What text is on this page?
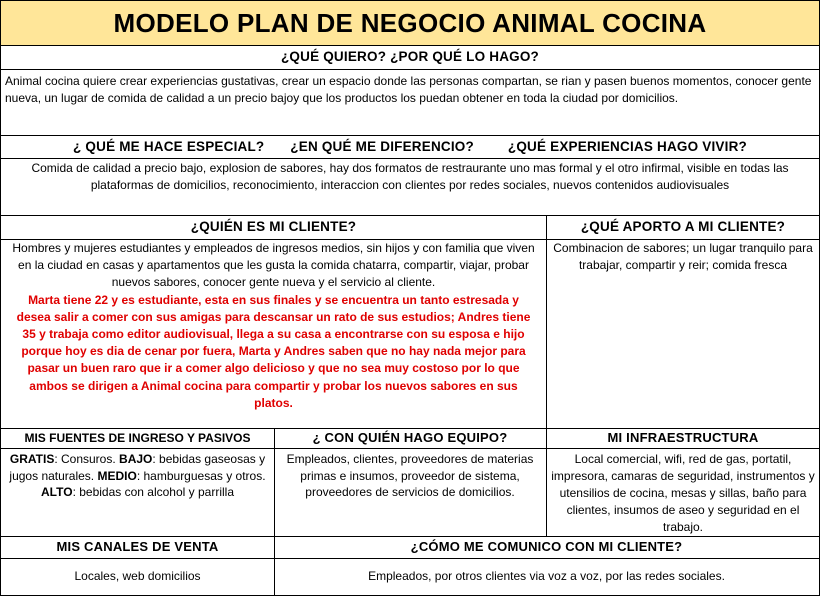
MODELO PLAN DE NEGOCIO ANIMAL COCINA
¿QUÉ QUIERO? ¿POR QUÉ LO HAGO?
Animal cocina quiere crear experiencias gustativas, crear un espacio donde las personas compartan, se rian y pasen buenos momentos, conocer gente nueva, un lugar de comida de calidad a un precio bajoy que los productos los puedan obtener en toda la ciudad por domicilios.
¿ QUÉ ME HACE ESPECIAL? ¿EN QUÉ ME DIFERENCIO?	¿QUÉ EXPERIENCIAS HAGO VIVIR?
Comida de calidad a precio bajo, explosion de sabores, hay dos formatos de restraurante uno mas formal y el otro infirmal, visible en todas las plataformas de domicilios, reconocimiento, interaccion con clientes por redes sociales, nuevos contenidos audiovisuales
¿QUIÉN ES MI CLIENTE?
Hombres y mujeres estudiantes y empleados de ingresos medios, sin hijos y con familia que viven en la ciudad en casas y apartamentos que les gusta la comida chatarra, compartir, viajar, probar nuevos sabores, conocer gente nueva y el servicio al cliente.
Marta tiene 22 y es estudiante, esta en sus finales y se encuentra un tanto estresada y desea salir a comer con sus amigas para descansar un rato de sus estudios; Andres tiene 35 y trabaja como editor audiovisual, llega a su casa a encontrarse con su esposa e hijo porque hoy es dia de cenar por fuera, Marta y Andres saben que no hay nada mejor para pasar un buen raro que ir a comer algo delicioso y que no sea muy costoso por lo que ambos se dirigen a Animal cocina para compartir y probar los nuevos sabores en sus platos.
¿QUÉ APORTO A MI CLIENTE?
Combinacion de sabores; un lugar tranquilo para trabajar, compartir y reir; comida fresca
MIS FUENTES DE INGRESO Y PASIVOS
GRATIS: Consuros. BAJO: bebidas gaseosas y jugos naturales. MEDIO: hamburguesas y otros. ALTO: bebidas con alcohol y parrilla
¿ CON QUIÉN HAGO EQUIPO?
Empleados, clientes, proveedores de materias primas e insumos, proveedor de sistema, proveedores de servicios de domicilios.
MI INFRAESTRUCTURA
Local comercial, wifi, red de gas, portatil, impresora, camaras de seguridad, instrumentos y utensilios de cocina, mesas y sillas, baño para clientes, insumos de aseo y seguridad en el trabajo.
MIS CANALES DE VENTA
Locales, web domicilios
¿CÓMO ME COMUNICO CON MI CLIENTE?
Empleados, por otros clientes via voz a voz, por las redes sociales.
